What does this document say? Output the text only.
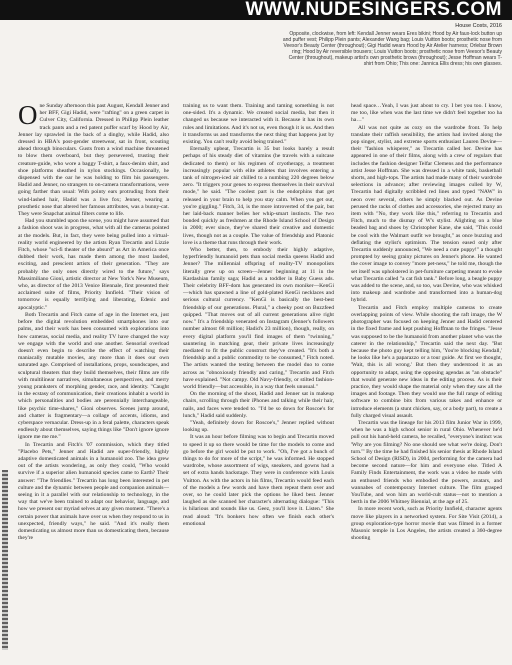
WWW.NUDESINGERS.COM
House Costs, 2016
Opposite, clockwise, from left: Kendall Jenner wears Eres bikini; Hood by Air faux-lock button up and puffer vest; Philipp Plein pants; Alexander Wang bag; Louis Vuitton boots; prosthetic nose from Veesor's Beauty Center (throughout); Gigi Hadid wears Hood by Air Atelier harness; Orlebar Brown ring; Hood by Air reversible trousers; Louis Vuitton boots; prosthetic nose from Veesor's Beauty Center (throughout), makeup artist's own prosthetic brows (throughout); Jesse Hoffman wears T-shirt from Ohio; This one: Jannica Ellis dress; his own glasses.

One Sunday afternoon this past August, Kendall Jenner and her BFF, Gigi Hadid, were "rafting" on a green carpet in Culver City, California. Dressed in Philipp Plein leather track pants and a red patent puffer scarf by Hood by Air, Jenner lay sprawled in the back of a dinghy, while Hadid, also dressed in HBA's post-gender streetwear, sat in front, scouting ahead through binoculars. Gusts from a wind machine threatened to blow them overboard, but they persevered, trusting their creature-guide, who wore a baggy T-shirt, a faux-denim shirt, and shoe platforms sheathed in nylon stockings. Occasionally, he dispensed with the oar he was holding to film his passengers. Hadid and Jenner, no strangers to on-camera transformations, were going farther than usual: With pointy ears protruding from their wind-lashed hair, Hadid was a live fox; Jenner, wearing a prosthetic nose that altered her famous attributes, was a bunny-cat. They were Snapchat animal filters come to life.

Had you stumbled upon the scene, you might have assumed that a fashion shoot was in progress, what with all the cameras pointed at the models. But, in fact, they were being pulled into a virtual-reality world engineered by the artists Ryan Trecartin and Lizzie Fitch, whose "sci-fi theater of the absurd" as Art in America once dubbed their work, has made them among the most lauded, exciting, and prescient artists of their generation. "They are probably the only ones directly wired to the future," says Massimiliano Gioni, artistic director at New York's New Museum, who, as director of the 2013 Venice Biennale, first presented their acclaimed suite of films, Priority Innfield. "Their vision of tomorrow is equally terrifying and liberating, Edenic and apocalyptic."

Both Trecartin and Fitch came of age in the Internet era, just before the digital revolution embedded smartphones into our palms, and their work has been consumed with explorations into how cameras, social media, and reality TV have changed the way we engage with the world and one another. Sensorial overload doesn't even begin to describe the effect of watching their maniacally mutable movies, any more than it does our own saturated age. Comprised of installations, props, soundscapes, and sculptural theaters that they build themselves, their films are rife with multilinear narratives, simultaneous perspectives, and merry young pranksters of morphing gender, race, and identity. "Caught in the ecstasy of communication, their creations inhabit a world in which personalities and bodies are perennially interchangeable, like psychic time-shares," Gioni observes. Scenes jump around, and chatter is fragmentary—a collage of accents, idioms, and cyberspace vernacular. Dress-up in a feral palette, characters speak endlessly about themselves, saying things like "Don't ignore ignore ignore me me me."

In Trecartin and Fitch's '07 commission, which they titled "Placebo Pets," Jenner and Hadid are super-friendly, highly adaptive domesticated animals in a humanoid zoo. The idea grew out of the artists wondering, as only they could, "Who would survive if a superior alien humanoid species came to Earth? Their answer: "The friendlies." Trecartin has long been interested in pet culture and the dynamic between people and companion animals—seeing in it a parallel with our relationship to technology, in the way that we've been trained to adapt our behavior, language, and how we present our myriad selves at any given moment. "There's a certain power that animals have over us when they respond to us in unexpected, friendly ways," he said. "And it's really them domesticating us almost more than us domesticating them, because they're

training us to want them. Training and taming something is not one-sided. It's a dynamic. We created social media, but then it changed us because we interacted with it. Because it has its own rules and limitations. And it's not us, even though it is us. And then it transforms us and transforms the next thing that happens just by existing. You can't really avoid being trained."

Eternally upbeat, Trecartin is 35 but looks barely a result perhaps of his steady diet of vitamins (he travels with a suitcase dedicated to them) or his regimen of cryotherapy, a treatment increasingly popular with elite athletes that involves entering a tank of nitrogen-iced air chilled to a numbing 220 degrees below zero. "It triggers your genes to express themselves in their survival mode," he said. "The coolest part is the endorphins that get released in your brain to help you stay calm. When you get out, you're giggling." Fitch, 34, is the more introverted of the pair, but her laid-back manner belies her whip-smart instincts. The two bonded quickly as freshmen at the Rhode Island School of Design in 2000; ever since, they've shared their creative and domestic lives, though not as a couple. The value of friendship and Platonic love is a theme that runs through their work.

Who better, then, to embody their highly adaptive, hyperfriendly humanoid pets than social media queens Hadid and Jenner? The millennial offspring of reality-TV monopolists literally grew up on screen—Jenner beginning at 11 in the Kardashian family saga; Hadid as a toddler in Baby Guess ads. Their celebrity BFF-dom has generated its own moniker—KenGi—which has spawned a line of gold-plated KenGi necklaces and serious cultural currency. "KenGi is basically the best-best friendship of our generations. Plural," a cheeky post on Buzzfeed quipped. "That moves out of all current generations alive right now." It's a friendship venerated on Instagram (Jenner's followers number almost 68 million; Hadid's 23 million), though, really, on every digital platform you'll find images of them "twinning," sauntering in matching gear, their private lives increasingly mediated to fit the public construct they've created. "It's both a friendship and a public commodity to be consumed," Fitch noted. The artists wanted the testing between the model duo to come across as "obnoxiously friendly and caring," Trecartin and Fitch have explained. "Not campy. Old Navy-friendly, or stilted fashion-world friendly—but accessible, in a way that feels unusual."

On the morning of the shoot, Hadid and Jenner sat in makeup chairs, scrolling through their iPhones and talking while their hair, nails, and faces were tended to. "I'd be so down for Roscoe's for lunch," Hadid said suddenly.

"Yeah, definitely down for Roscoe's," Jenner replied without looking up.

It was an hour before filming was to begin and Trecartin moved to speed it up so there would be time for the models to come and go before the girl would be put to work. "Oh, I've got a bunch of things to do for more of the script," he was informed. He stopped wardrobe, whose assortment of wigs, sneakers, and gowns had a set of extra hands backstage. They were in conference with Louis Vuitton. As with the actors in his films, Trecartin would feed each of the models a few words and have them repeat them over and over, so he could later pick the options he liked best. Jenner laughed as she scanned her character's alternating dialogue: "This is hilarious and sounds like us. Geez, you'll love it. Listen." She read aloud: "It's bonkers how often we finish each other's emotional

head space…Yeah, I was just about to cry. I bet you too. I know, me too, like when was the last time we didn't feel together too ha ha…"

All was not quite as cozy on the wardrobe front. To help translate their raffish sensibility, the artists had invited along the pop singer, stylist, and extreme sports enthusiast Lauren Devine—their "fashion whisperer," as Trecartin called her. Devine has appeared in one of their films, along with a crew of regulars that includes the fashion designer Telfar Clemens and the performance artist Jesse Hoffman. She was dressed in a white tank, basketball shorts, and high-tops. The artists had made many of their wardrobe selections in advance; after reviewing images culled by W, Trecartin had digitally scribbled red lines and typed "NAW" in neon over several, others he simply blacked out. As Devine perused the racks of clothes and accessories, she rejected many an item with "No, they work like this," referring to Trecartin and Fitch, much to the dismay of W's stylist. Alighting on a blue beaded bag and shoes by Christopher Kane, she said, "This could be cool with the Walmart outfit we brought," as once buzzing and deflating the stylist's optimism. The tension eased only after Trecartin suddenly announced, "We need a cute puppy!" a thought prompted by seeing grainy pictures on Jenner's phone. He wanted the cover image to convey "more pet-ness," he told me, though the set itself was upholstered in pet-furniture carpeting meant to evoke what Trecartin called "a cat fish tank." Before long, a beagle puppy was added to the scene, and, so too, was Devine, who was whisked into makeup and wardrobe and transformed into a human-dog hybrid.

Trecartin and Fitch employ multiple cameras to create overlapping points of view. While shooting the raft image, the W photographer was focused on keeping Jenner and Hadid centered in the fixed frame and kept pushing Hoffman to the fringes. "Jesse was supposed to be the humanoid from another planet who was the caterer in the relationship," Trecartin said the next day. "But because the photo guy kept telling him, 'You're blocking Kendall,' he looks like he's a paparazzo or a tour guide. At first we thought, 'Wait, this is all wrong.' But then they understood it as an opportunity to adapt, using the opposing agendas as "an obstacle" that would generate new ideas in the editing process. As is their practice, they would shape the material only when they saw all the images and footage. Then they would use the full range of editing software to combine bits from various takes and enhance or introduce elements (a stunt chicken, say, or a body part), to create a fully charged visual assault.

Trecartin was the lineage for his 2013 film Junior War in 1999, when he was a high school senior in rural Ohio. Whenever he'd pull out his hand-held camera, he recalled, "everyone's instinct was 'Why are you filming? No one should see what we're doing. Don't turn.'" By the time he had finished his senior thesis at Rhode Island School of Design (RISD), in 2004, performing for the camera had become second nature—for him and everyone else. Titled A Family Finds Entertainment, the work was a video he made with an enthused friends who embodied the powers, avatars, and wannabes of contemporary Internet culture. The film grasped YouTube, and won him an world-cult status—not to mention a berth in the 2006 Whitney Biennial, at the age of 25.

In more recent work, such as Priority Innfield, character agents move like players in a networked system. For Site Visit (2014), a group exploration-type horror movie that was filmed in a former Masonic temple in Los Angeles, the artists created a 360-degree shooting
